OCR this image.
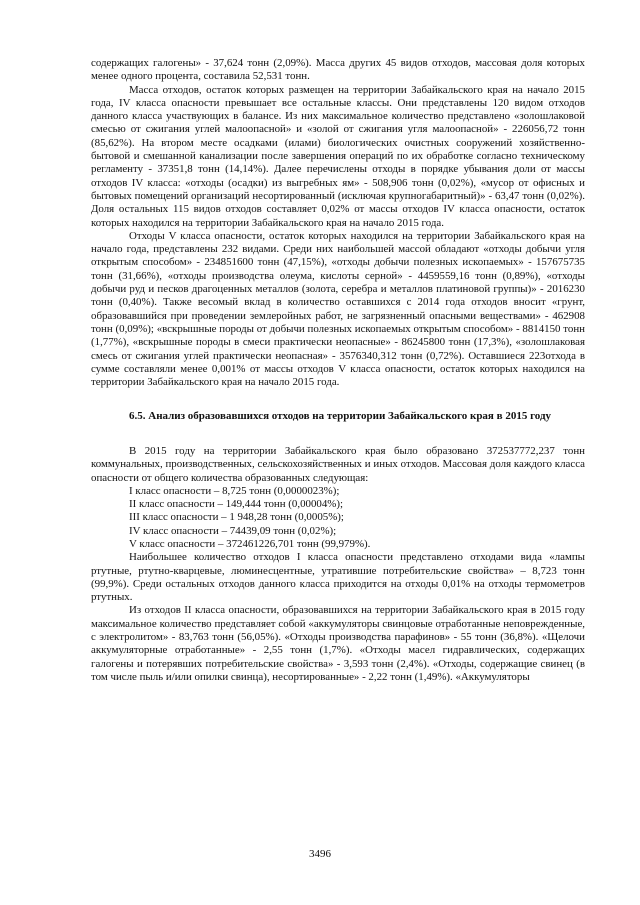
содержащих галогены» - 37,624 тонн (2,09%). Масса других 45 видов отходов, массовая доля которых менее одного процента, составила 52,531 тонн.

Масса отходов, остаток которых размещен на территории Забайкальского края на начало 2015 года, IV класса опасности превышает все остальные классы. Они представлены 120 видом отходов данного класса участвующих в балансе. Из них максимальное количество представлено «золошлаковой смесью от сжигания углей малоопасной» и «золой от сжигания угля малоопасной» - 226056,72 тонн (85,62%). На втором месте осадками (илами) биологических очистных сооружений хозяйственно-бытовой и смешанной канализации после завершения операций по их обработке согласно техническому регламенту - 37351,8 тонн (14,14%). Далее перечислены отходы в порядке убывания доли от массы отходов IV класса: «отходы (осадки) из выгребных ям» - 508,906 тонн (0,02%), «мусор от офисных и бытовых помещений организаций несортированный (исключая крупногабаритный)» - 63,47 тонн (0,02%). Доля остальных 115 видов отходов составляет 0,02% от массы отходов IV класса опасности, остаток которых находился на территории Забайкальского края на начало 2015 года.

Отходы V класса опасности, остаток которых находился на территории Забайкальского края на начало года, представлены 232 видами. Среди них наибольшей массой обладают «отходы добычи угля открытым способом» - 234851600 тонн (47,15%), «отходы добычи полезных ископаемых» - 157675735 тонн (31,66%), «отходы производства олеума, кислоты серной» - 4459559,16 тонн (0,89%), «отходы добычи руд и песков драгоценных металлов (золота, серебра и металлов платиновой группы)» - 2016230 тонн (0,40%). Также весомый вклад в количество оставшихся с 2014 года отходов вносит «грунт, образовавшийся при проведении землеройных работ, не загрязненный опасными веществами» - 462908 тонн (0,09%); «вскрышные породы от добычи полезных ископаемых открытым способом» - 8814150 тонн (1,77%), «вскрышные породы в смеси практически неопасные» - 86245800 тонн (17,3%), «золошлаковая смесь от сжигания углей практически неопасная» - 3576340,312 тонн (0,72%). Оставшиеся 223отхода в сумме составляли менее 0,001% от массы отходов V класса опасности, остаток которых находился на территории Забайкальского края на начало 2015 года.

6.5. Анализ образовавшихся отходов на территории Забайкальского края в 2015 году

В 2015 году на территории Забайкальского края было образовано 372537772,237 тонн коммунальных, производственных, сельскохозяйственных и иных отходов. Массовая доля каждого класса опасности от общего количества образованных следующая:

I класс опасности – 8,725 тонн (0,0000023%);

II класс опасности – 149,444 тонн (0,00004%);

III класс опасности – 1 948,28 тонн (0,0005%);

IV класс опасности – 74439,09 тонн (0,02%);

V класс опасности – 372461226,701 тонн (99,979%).

Наибольшее количество отходов I класса опасности представлено отходами вида «лампы ртутные, ртутно-кварцевые, люминесцентные, утратившие потребительские свойства» – 8,723 тонн (99,9%). Среди остальных отходов данного класса приходится на отходы 0,01% на отходы термометров ртутных.

Из отходов II класса опасности, образовавшихся на территории Забайкальского края в 2015 году максимальное количество представляет собой «аккумуляторы свинцовые отработанные неповрежденные, с электролитом» - 83,763 тонн (56,05%). «Отходы производства парафинов» - 55 тонн (36,8%). «Щелочи аккумуляторные отработанные» - 2,55 тонн (1,7%). «Отходы масел гидравлических, содержащих галогены и потерявших потребительские свойства» - 3,593 тонн (2,4%). «Отходы, содержащие свинец (в том числе пыль и/или опилки свинца), несортированные» - 2,22 тонн (1,49%). «Аккумуляторы

3496
